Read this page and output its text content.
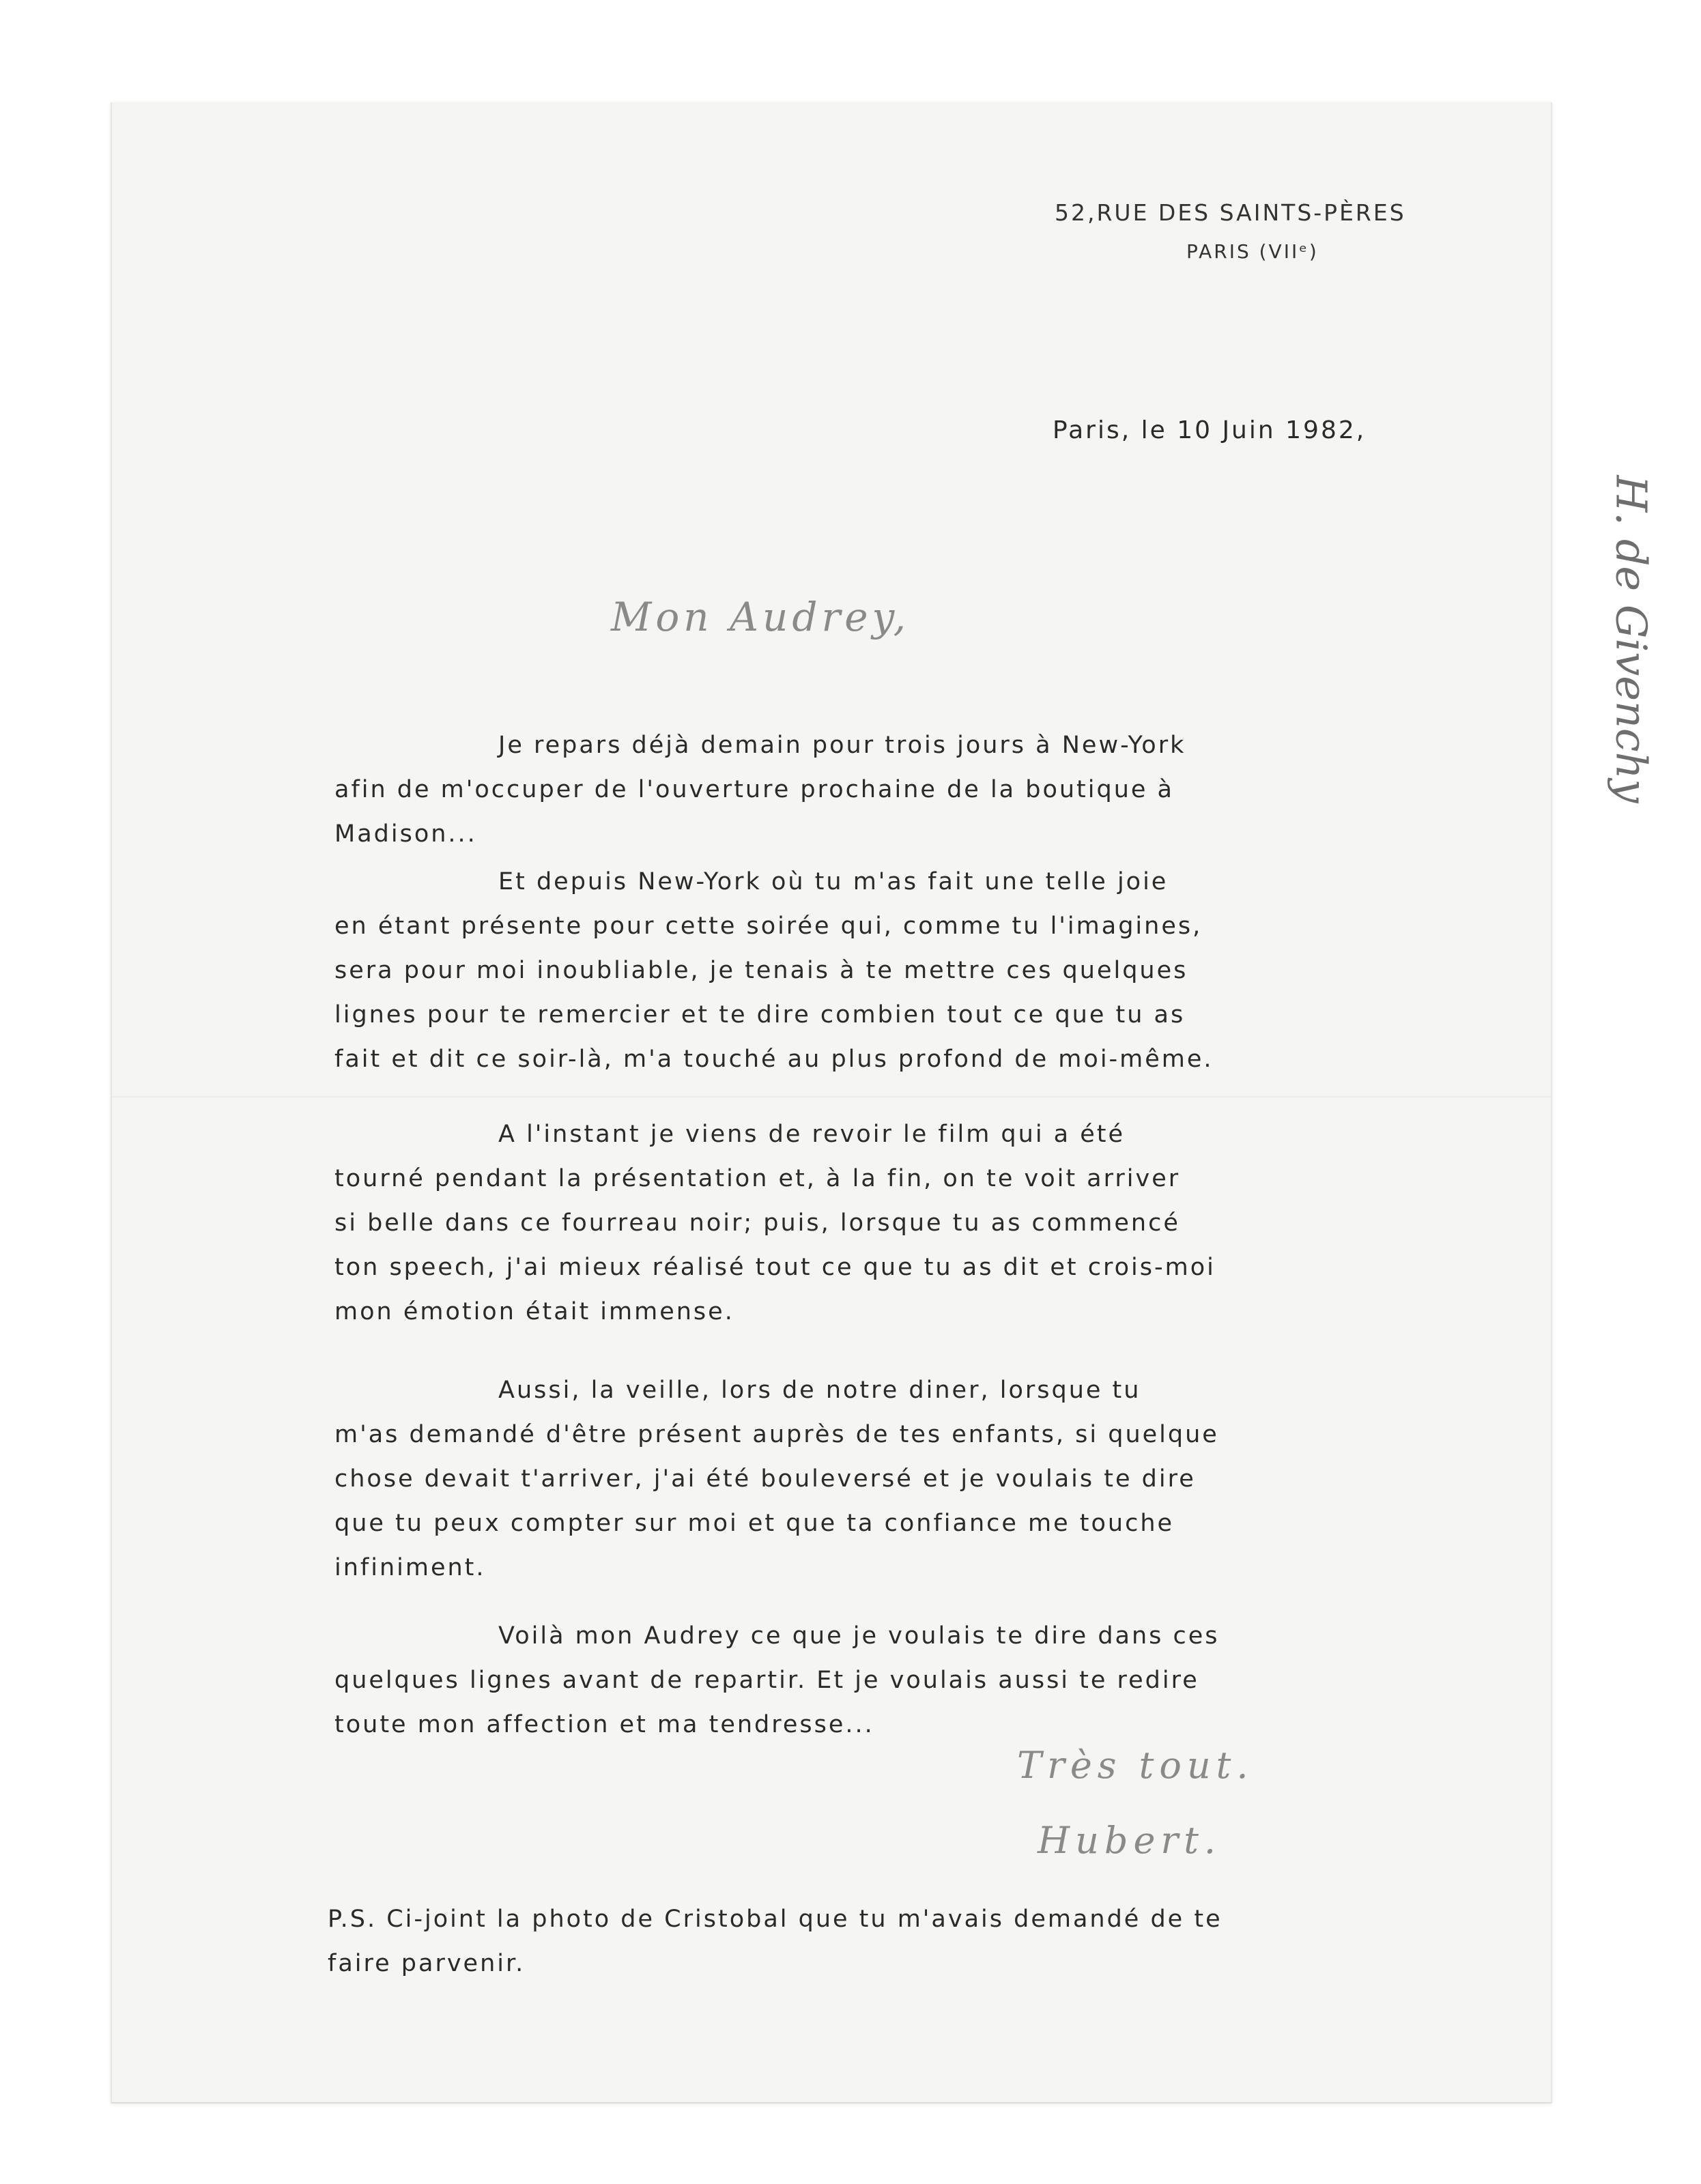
52,RUE DES SAINTS-PÈRES
PARIS (VIIᵉ)
Paris, le 10 Juin 1982,
H. de Givenchy
Mon Audrey,
Je repars déjà demain pour trois jours à New-York
afin de m'occuper de l'ouverture prochaine de la boutique à
Madison...
Et depuis New-York où tu m'as fait une telle joie
en étant présente pour cette soirée qui, comme tu l'imagines,
sera pour moi inoubliable, je tenais à te mettre ces quelques
lignes pour te remercier et te dire combien tout ce que tu as
fait et dit ce soir-là, m'a touché au plus profond de moi-même.
A l'instant je viens de revoir le film qui a été
tourné pendant la présentation et, à la fin, on te voit arriver
si belle dans ce fourreau noir; puis, lorsque tu as commencé
ton speech, j'ai mieux réalisé tout ce que tu as dit et crois-moi
mon émotion était immense.
Aussi, la veille, lors de notre diner, lorsque tu
m'as demandé d'être présent auprès de tes enfants, si quelque
chose devait t'arriver, j'ai été bouleversé et je voulais te dire
que tu peux compter sur moi et que ta confiance me touche
infiniment.
Voilà mon Audrey ce que je voulais te dire dans ces
quelques lignes avant de repartir. Et je voulais aussi te redire
toute mon affection et ma tendresse...
Très tout.
Hubert.
P.S. Ci-joint la photo de Cristobal que tu m'avais demandé de te
faire parvenir.
